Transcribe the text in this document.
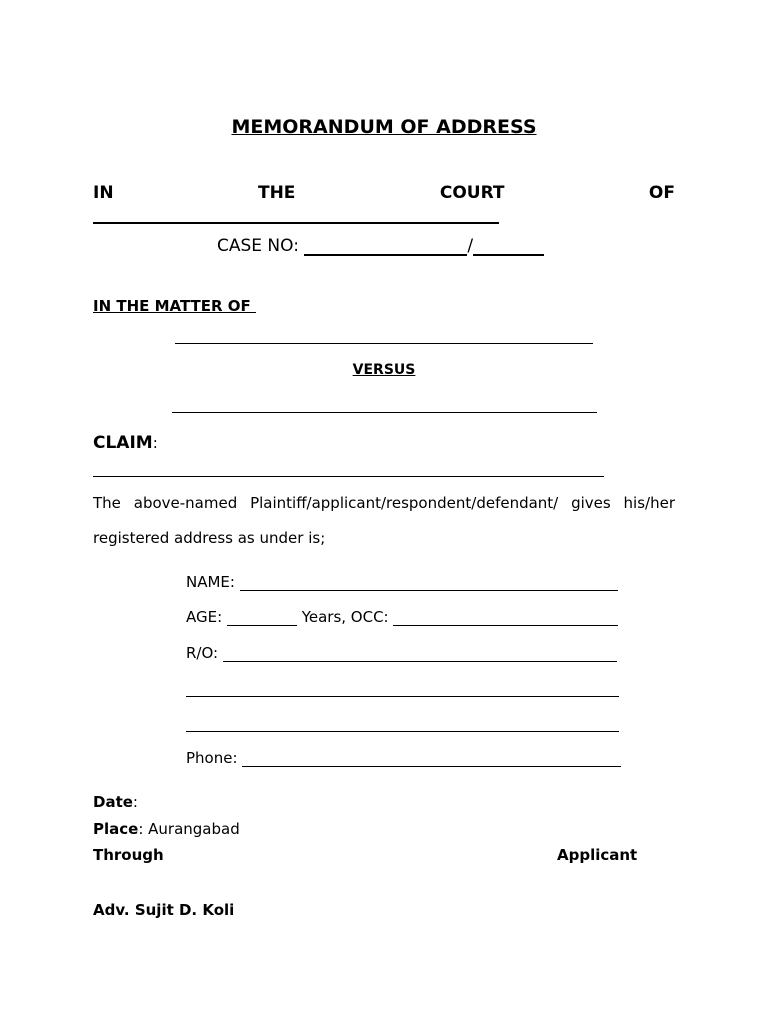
MEMORANDUM OF ADDRESS
IN	THE	COURT	OF
CASE NO:	/
IN THE MATTER OF
VERSUS
CLAIM:
The above-named Plaintiff/applicant/respondent/defendant/ gives his/her
registered address as under is;
NAME:
AGE:	Years, OCC:
R/O:
Phone:
Date:
Place: Aurangabad
Through	Applicant
Adv. Sujit D. Koli
